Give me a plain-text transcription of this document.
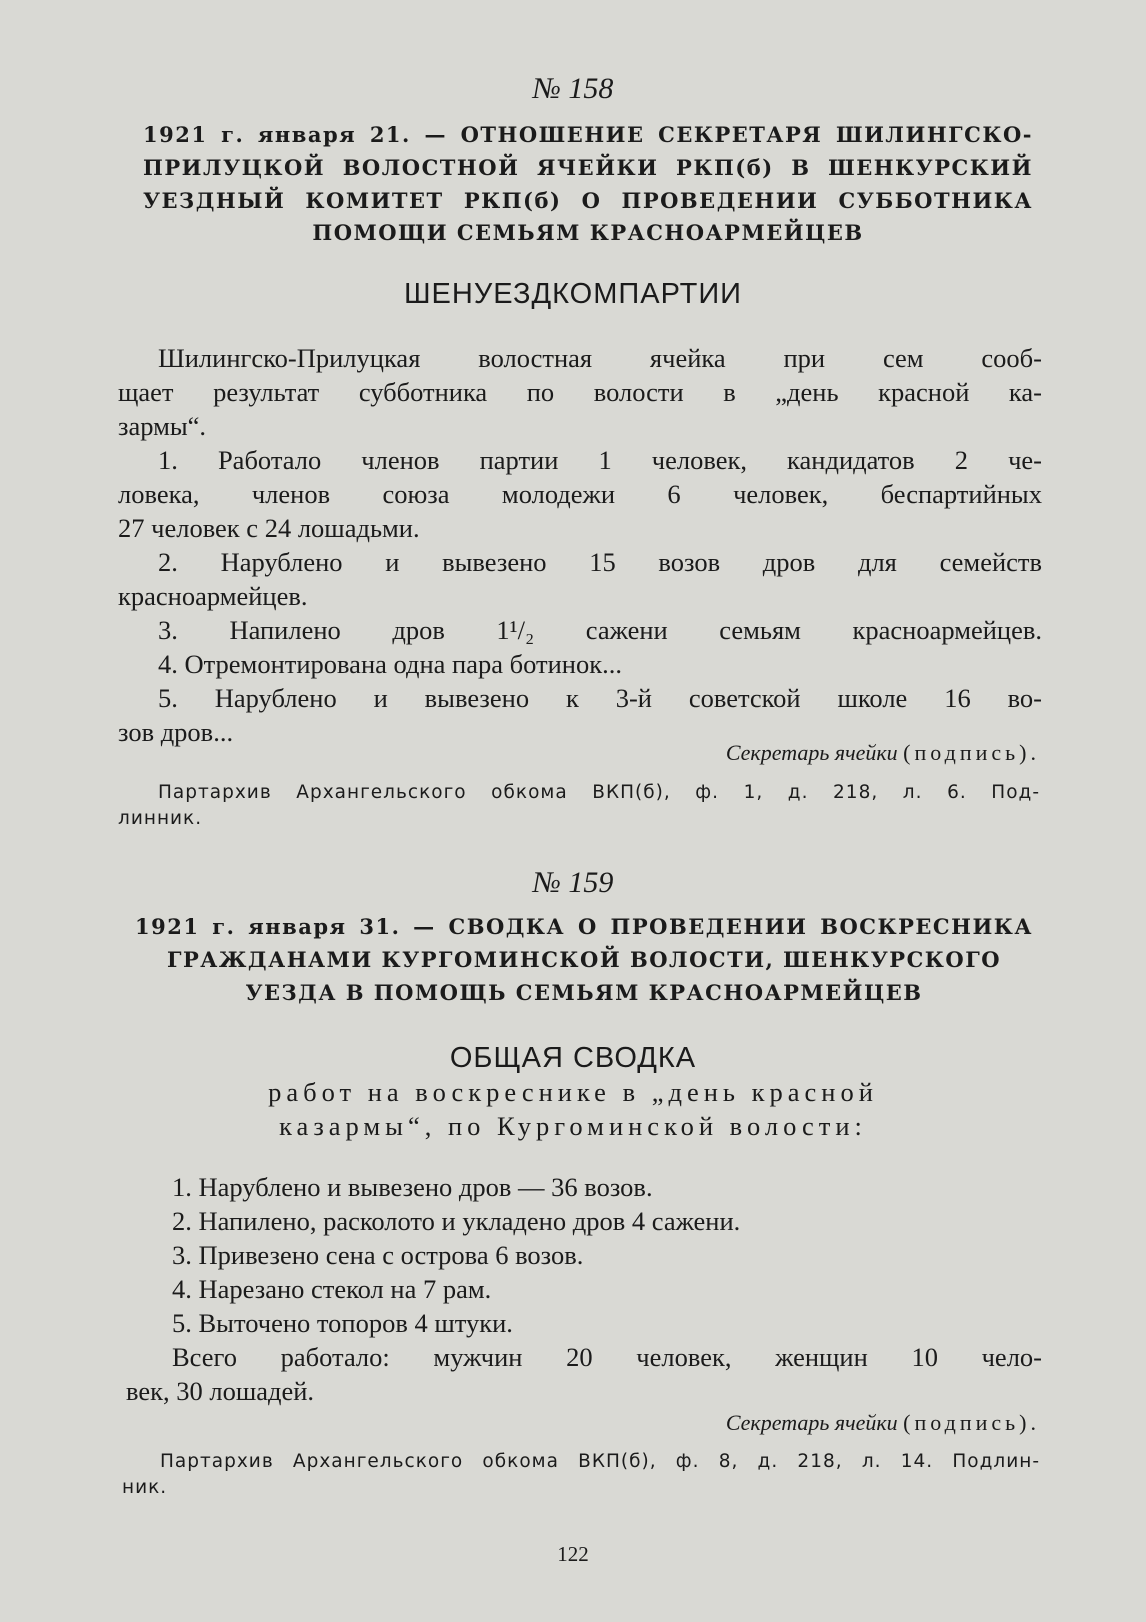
№ 158
1921 г. января 21. — ОТНОШЕНИЕ СЕКРЕТАРЯ ШИЛИНГСКО-
ПРИЛУЦКОЙ ВОЛОСТНОЙ ЯЧЕЙКИ РКП(б) В ШЕНКУРСКИЙ
УЕЗДНЫЙ КОМИТЕТ РКП(б) О ПРОВЕДЕНИИ СУББОТНИКА
ПОМОЩИ СЕМЬЯМ КРАСНОАРМЕЙЦЕВ
ШЕНУЕЗДКОМПАРТИИ
Шилингско-Прилуцкая волостная ячейка при сем сооб-
щает результат субботника по волости в „день красной ка-
зармы“.
1. Работало членов партии 1 человек, кандидатов 2 че-
ловека, членов союза молодежи 6 человек, беспартийных
27 человек с 24 лошадьми.
2. Нарублено и вывезено 15 возов дров для семейств
красноармейцев.
3. Напилено дров 1¹/₂ сажени семьям красноармейцев.
4. Отремонтирована одна пара ботинок...
5. Нарублено и вывезено к 3-й советской школе 16 во-
зов дров...
Секретарь ячейки (подпись).
Партархив Архангельского обкома ВКП(б), ф. 1, д. 218, л. 6. Под-
линник.
№ 159
1921 г. января 31. — СВОДКА О ПРОВЕДЕНИИ ВОСКРЕСНИКА
ГРАЖДАНАМИ КУРГОМИНСКОЙ ВОЛОСТИ, ШЕНКУРСКОГО
УЕЗДА В ПОМОЩЬ СЕМЬЯМ КРАСНОАРМЕЙЦЕВ
ОБЩАЯ СВОДКА
работ на воскреснике в „день красной
казармы“, по Кургоминской волости:
1. Нарублено и вывезено дров — 36 возов.
2. Напилено, расколото и укладено дров 4 сажени.
3. Привезено сена с острова 6 возов.
4. Нарезано стекол на 7 рам.
5. Выточено топоров 4 штуки.
Всего работало: мужчин 20 человек, женщин 10 чело-
век, 30 лошадей.
Секретарь ячейки (подпись).
Партархив Архангельского обкома ВКП(б), ф. 8, д. 218, л. 14. Подлин-
ник.
122
